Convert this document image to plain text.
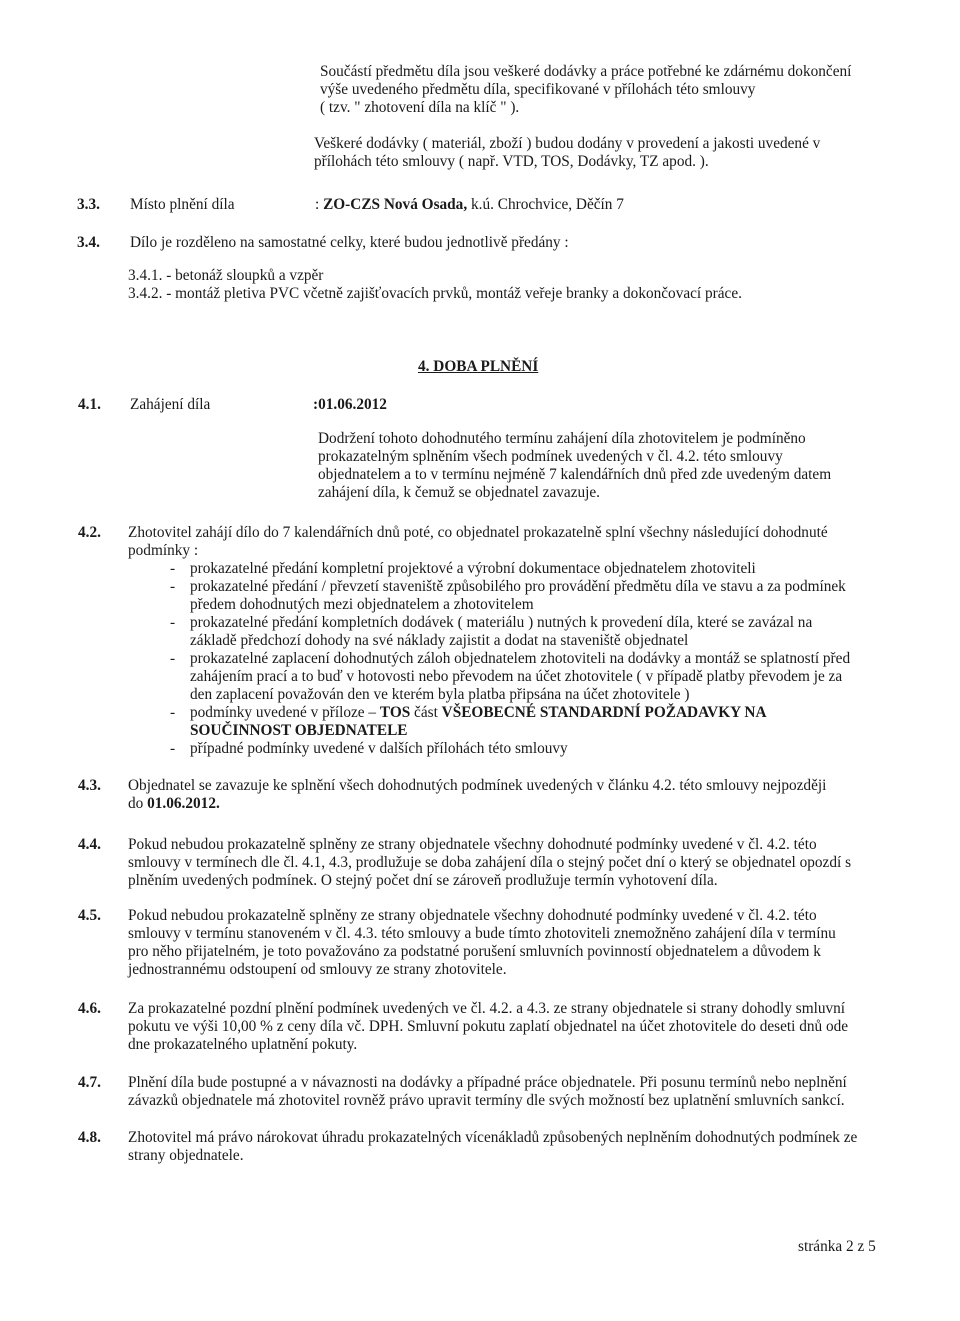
Součástí předmětu díla jsou veškeré dodávky a práce potřebné ke zdárnému dokončení
výše uvedeného předmětu díla, specifikované v přílohách této smlouvy
( tzv. " zhotovení díla na klíč " ).
Veškeré dodávky ( materiál, zboží ) budou dodány v provedení a jakosti uvedené v
přílohách této smlouvy ( např. VTD, TOS, Dodávky, TZ apod. ).
3.3. Místo plnění díla	: ZO-CZS Nová Osada, k.ú. Chrochvice, Děčín 7
3.4. Dílo je rozděleno na samostatné celky, které budou jednotlivě předány :
3.4.1. - betonáž sloupků a vzpěr
3.4.2. - montáž pletiva PVC včetně zajišťovacích prvků, montáž veřeje branky a dokončovací práce.
4. DOBA PLNĚNÍ
4.1. Zahájení díla	:01.06.2012
Dodržení tohoto dohodnutého termínu zahájení díla zhotovitelem je podmíněno
prokazatelným splněním všech podmínek uvedených v čl. 4.2. této smlouvy
objednatelem a to v termínu nejméně 7 kalendářních dnů před zde uvedeným datem
zahájení díla, k čemuž se objednatel zavazuje.
4.2. Zhotovitel zahájí dílo do 7 kalendářních dnů poté, co objednatel prokazatelně splní všechny následující dohodnuté
podmínky :
- prokazatelné předání kompletní projektové a výrobní dokumentace objednatelem zhotoviteli
- prokazatelné předání / převzetí staveniště způsobilého pro provádění předmětu díla ve stavu a za podmínek
předem dohodnutých mezi objednatelem a zhotovitelem
- prokazatelné předání kompletních dodávek ( materiálu ) nutných k provedení díla, které se zavázal na
základě předchozí dohody na své náklady zajistit a dodat na staveniště objednatel
- prokazatelné zaplacení dohodnutých záloh objednatelem zhotoviteli na dodávky a montáž se splatností před
zahájením prací a to buď v hotovosti nebo převodem na účet zhotovitele ( v případě platby převodem je za
den zaplacení považován den ve kterém byla platba připsána na účet zhotovitele )
- podmínky uvedené v příloze – TOS část VŠEOBECNÉ STANDARDNÍ POŽADAVKY NA
SOUČINNOST OBJEDNATELE
- případné podmínky uvedené v dalších přílohách této smlouvy
4.3. Objednatel se zavazuje ke splnění všech dohodnutých podmínek uvedených v článku 4.2. této smlouvy nejpozději
do 01.06.2012.
4.4. Pokud nebudou prokazatelně splněny ze strany objednatele všechny dohodnuté podmínky uvedené v čl. 4.2. této
smlouvy v termínech dle čl. 4.1, 4.3, prodlužuje se doba zahájení díla o stejný počet dní o který se objednatel opozdí s
plněním uvedených podmínek. O stejný počet dní se zároveň prodlužuje termín vyhotovení díla.
4.5. Pokud nebudou prokazatelně splněny ze strany objednatele všechny dohodnuté podmínky uvedené v čl. 4.2. této
smlouvy v termínu stanoveném v čl. 4.3. této smlouvy a bude tímto zhotoviteli znemožněno zahájení díla v termínu
pro něho přijatelném, je toto považováno za podstatné porušení smluvních povinností objednatelem a důvodem k
jednostrannému odstoupení od smlouvy ze strany zhotovitele.
4.6. Za prokazatelné pozdní plnění podmínek uvedených ve čl. 4.2. a 4.3. ze strany objednatele si strany dohodly smluvní
pokutu ve výši 10,00 % z ceny díla vč. DPH. Smluvní pokutu zaplatí objednatel na účet zhotovitele do deseti dnů ode
dne prokazatelného uplatnění pokuty.
4.7. Plnění díla bude postupné a v návaznosti na dodávky a případné práce objednatele. Při posunu termínů nebo neplnění
závazků objednatele má zhotovitel rovněž právo upravit termíny dle svých možností bez uplatnění smluvních sankcí.
4.8. Zhotovitel má právo nárokovat úhradu prokazatelných vícenákladů způsobených neplněním dohodnutých podmínek ze
strany objednatele.
stránka 2 z 5
